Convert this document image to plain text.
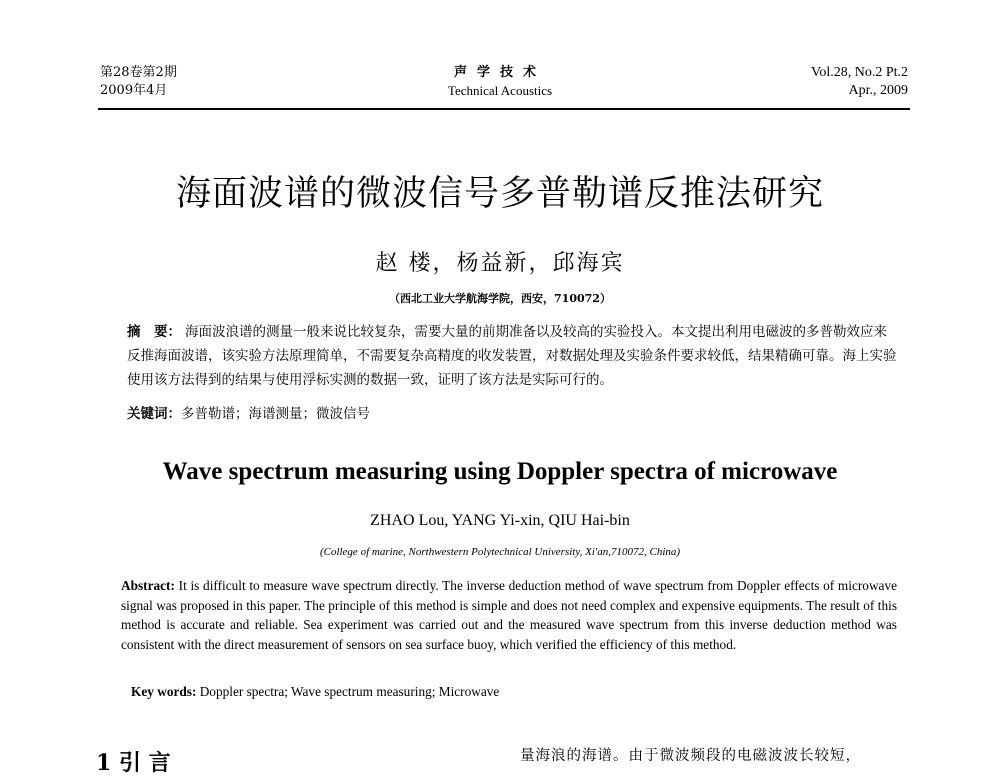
第28卷第2期
2009年4月
声学技术
Technical Acoustics
Vol.28, No.2 Pt.2
Apr., 2009
海面波谱的微波信号多普勒谱反推法研究
赵 楼，杨益新，邱海宾
（西北工业大学航海学院，西安，710072）
摘　要： 海面波浪谱的测量一般来说比较复杂，需要大量的前期准备以及较高的实验投入。本文提出利用电磁波的多普勒效应来反推海面波谱，该实验方法原理简单，不需要复杂高精度的收发装置，对数据处理及实验条件要求较低，结果精确可靠。海上实验使用该方法得到的结果与使用浮标实测的数据一致，证明了该方法是实际可行的。
关键词：多普勒谱；海谱测量；微波信号
Wave spectrum measuring using Doppler spectra of microwave
ZHAO Lou, YANG Yi-xin, QIU Hai-bin
(College of marine, Northwestern Polytechnical University, Xi'an,710072, China)
Abstract: It is difficult to measure wave spectrum directly. The inverse deduction method of wave spectrum from Doppler effects of microwave signal was proposed in this paper. The principle of this method is simple and does not need complex and expensive equipments. The result of this method is accurate and reliable. Sea experiment was carried out and the measured wave spectrum from this inverse deduction method was consistent with the direct measurement of sensors on sea surface buoy, which verified the efficiency of this method.
Key words: Doppler spectra; Wave spectrum measuring; Microwave
1 引 言	量海浪的海谱。由于微波频段的电磁波波长较短，
